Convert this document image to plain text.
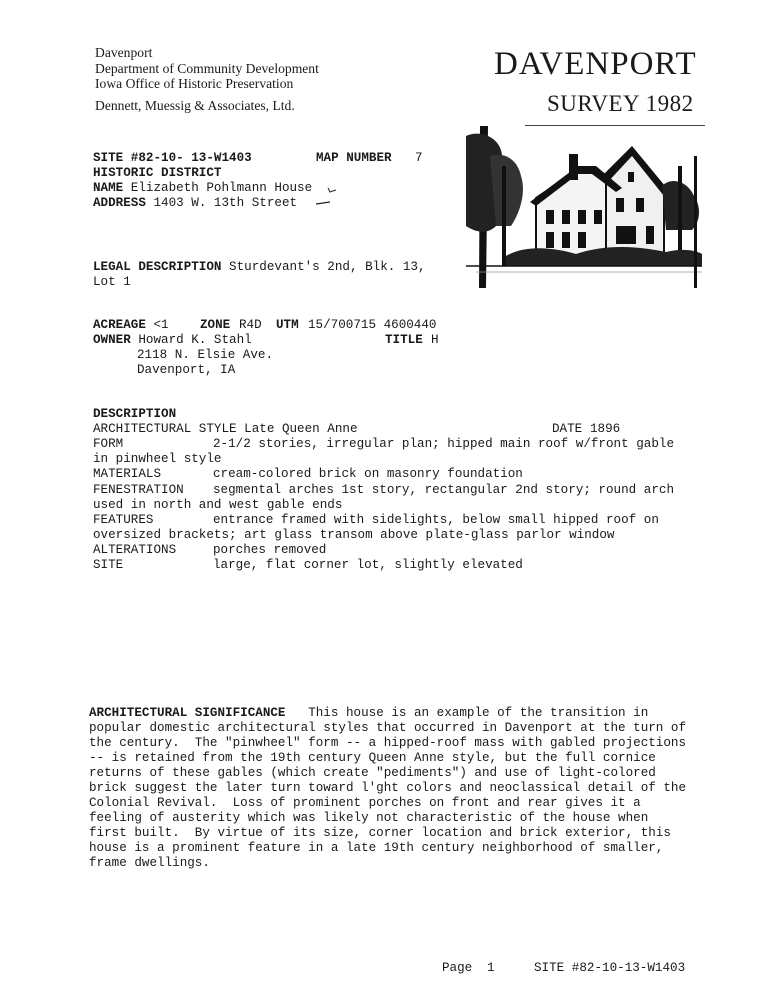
Davenport
Department of Community Development
Iowa Office of Historic Preservation
Dennett, Muessig & Associates, Ltd.
DAVENPORT
SURVEY 1982
SITE #82-10- 13-W1403	MAP NUMBER 7
HISTORIC DISTRICT
NAME Elizabeth Pohlmann House
ADDRESS 1403 W. 13th Street
LEGAL DESCRIPTION Sturdevant's 2nd, Blk. 13,
Lot 1
ACREAGE <1 ZONE R4D UTM 15/700715 4600440
OWNER Howard K. Stahl	TITLE H
2118 N. Elsie Ave.
Davenport, IA
DESCRIPTION
ARCHITECTURAL STYLE Late Queen Anne	DATE 1896
FORM	2-1/2 stories, irregular plan; hipped main roof w/front gable
in pinwheel style
MATERIALS	cream-colored brick on masonry foundation
FENESTRATION segmental arches 1st story, rectangular 2nd story; round arch
used in north and west gable ends
FEATURES	entrance framed with sidelights, below small hipped roof on
oversized brackets; art glass transom above plate-glass parlor window
ALTERATIONS	porches removed
SITE	large, flat corner lot, slightly elevated
ARCHITECTURAL SIGNIFICANCE This house is an example of the transition in
popular domestic architectural styles that occurred in Davenport at the turn of
the century.  The "pinwheel" form -- a hipped-roof mass with gabled projections
-- is retained from the 19th century Queen Anne style, but the full cornice
returns of these gables (which create "pediments") and use of light-colored
brick suggest the later turn toward l'ght colors and neoclassical detail of the
Colonial Revival.  Loss of prominent porches on front and rear gives it a
feeling of austerity which was likely not characteristic of the house when
first built.  By virtue of its size, corner location and brick exterior, this
house is a prominent feature in a late 19th century neighborhood of smaller,
frame dwellings.
Page 1	SITE #82-10-13-W1403
